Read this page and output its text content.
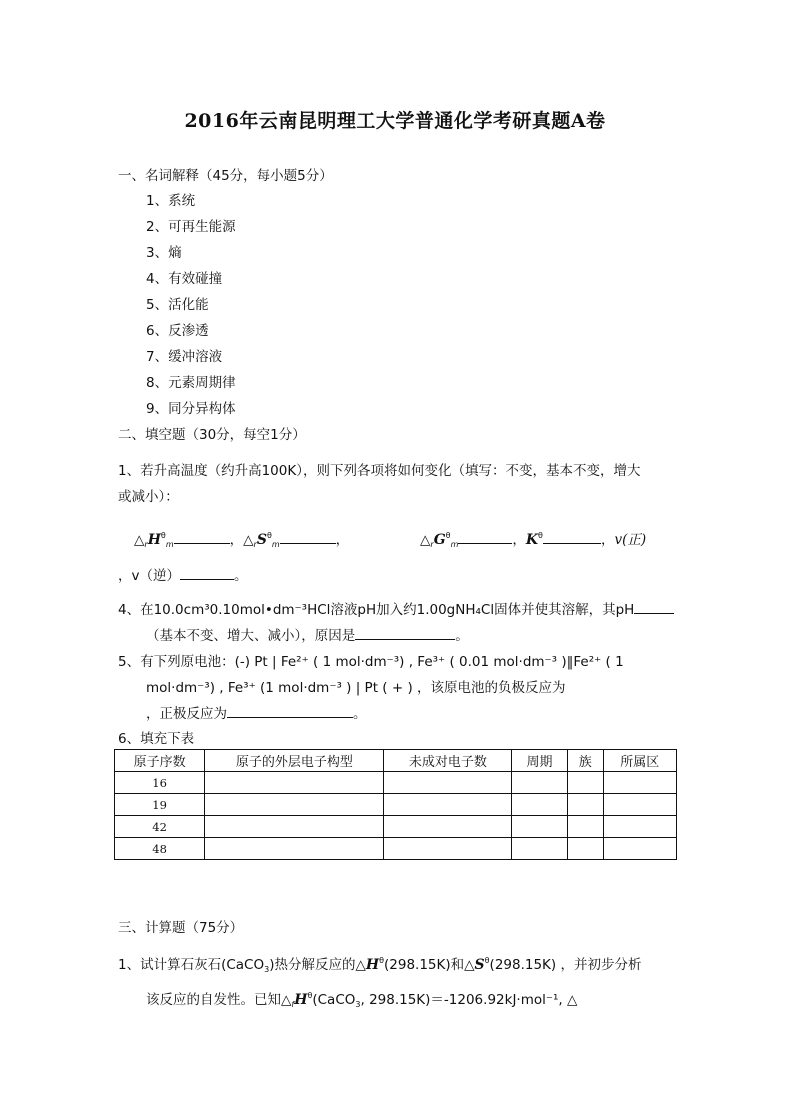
2016年云南昆明理工大学普通化学考研真题A卷
一、名词解释（45分，每小题5分）
1、系统
2、可再生能源
3、熵
4、有效碰撞
5、活化能
6、反渗透
7、缓冲溶液
8、元素周期律
9、同分异构体
二、填空题（30分，每空1分）
1、若升高温度（约升高100K），则下列各项将如何变化（填写：不变，基本不变，增大
或减小）：
$\triangle_rH^\theta_m$	，$\triangle_rS^\theta_m$	，	$\triangle_rG^\theta_m$	，$K^\theta$	，v(正)
，v（逆）	。
4、在10.0cm³0.10mol•dm⁻³HCl溶液pH加入约1.00gNH₄Cl固体并使其溶解，其pH
（基本不变、增大、减小），原因是	。
5、有下列原电池：(-) Pt | Fe²⁺ ( 1 mol·dm⁻³) , Fe³⁺ ( 0.01 mol·dm⁻³ )‖Fe²⁺ ( 1
mol·dm⁻³) , Fe³⁺ (1 mol·dm⁻³ ) | Pt ( + ) ，该原电池的负极反应为
，正极反应为	。
6、填充下表
原子序数	原子的外层电子构型	未成对电子数	周期	族	所属区
16					
19					
42					
48					
三、计算题（75分）
1、试计算石灰石(CaCO$_3$)热分解反应的$\triangle H^\theta(298.15K)$和$\triangle S^\theta(298.15K)$ ，并初步分析
该反应的自发性。已知$\triangle_fH^\theta(CaCO_3$, 298.15K)＝-1206.92kJ·mol⁻¹, △
